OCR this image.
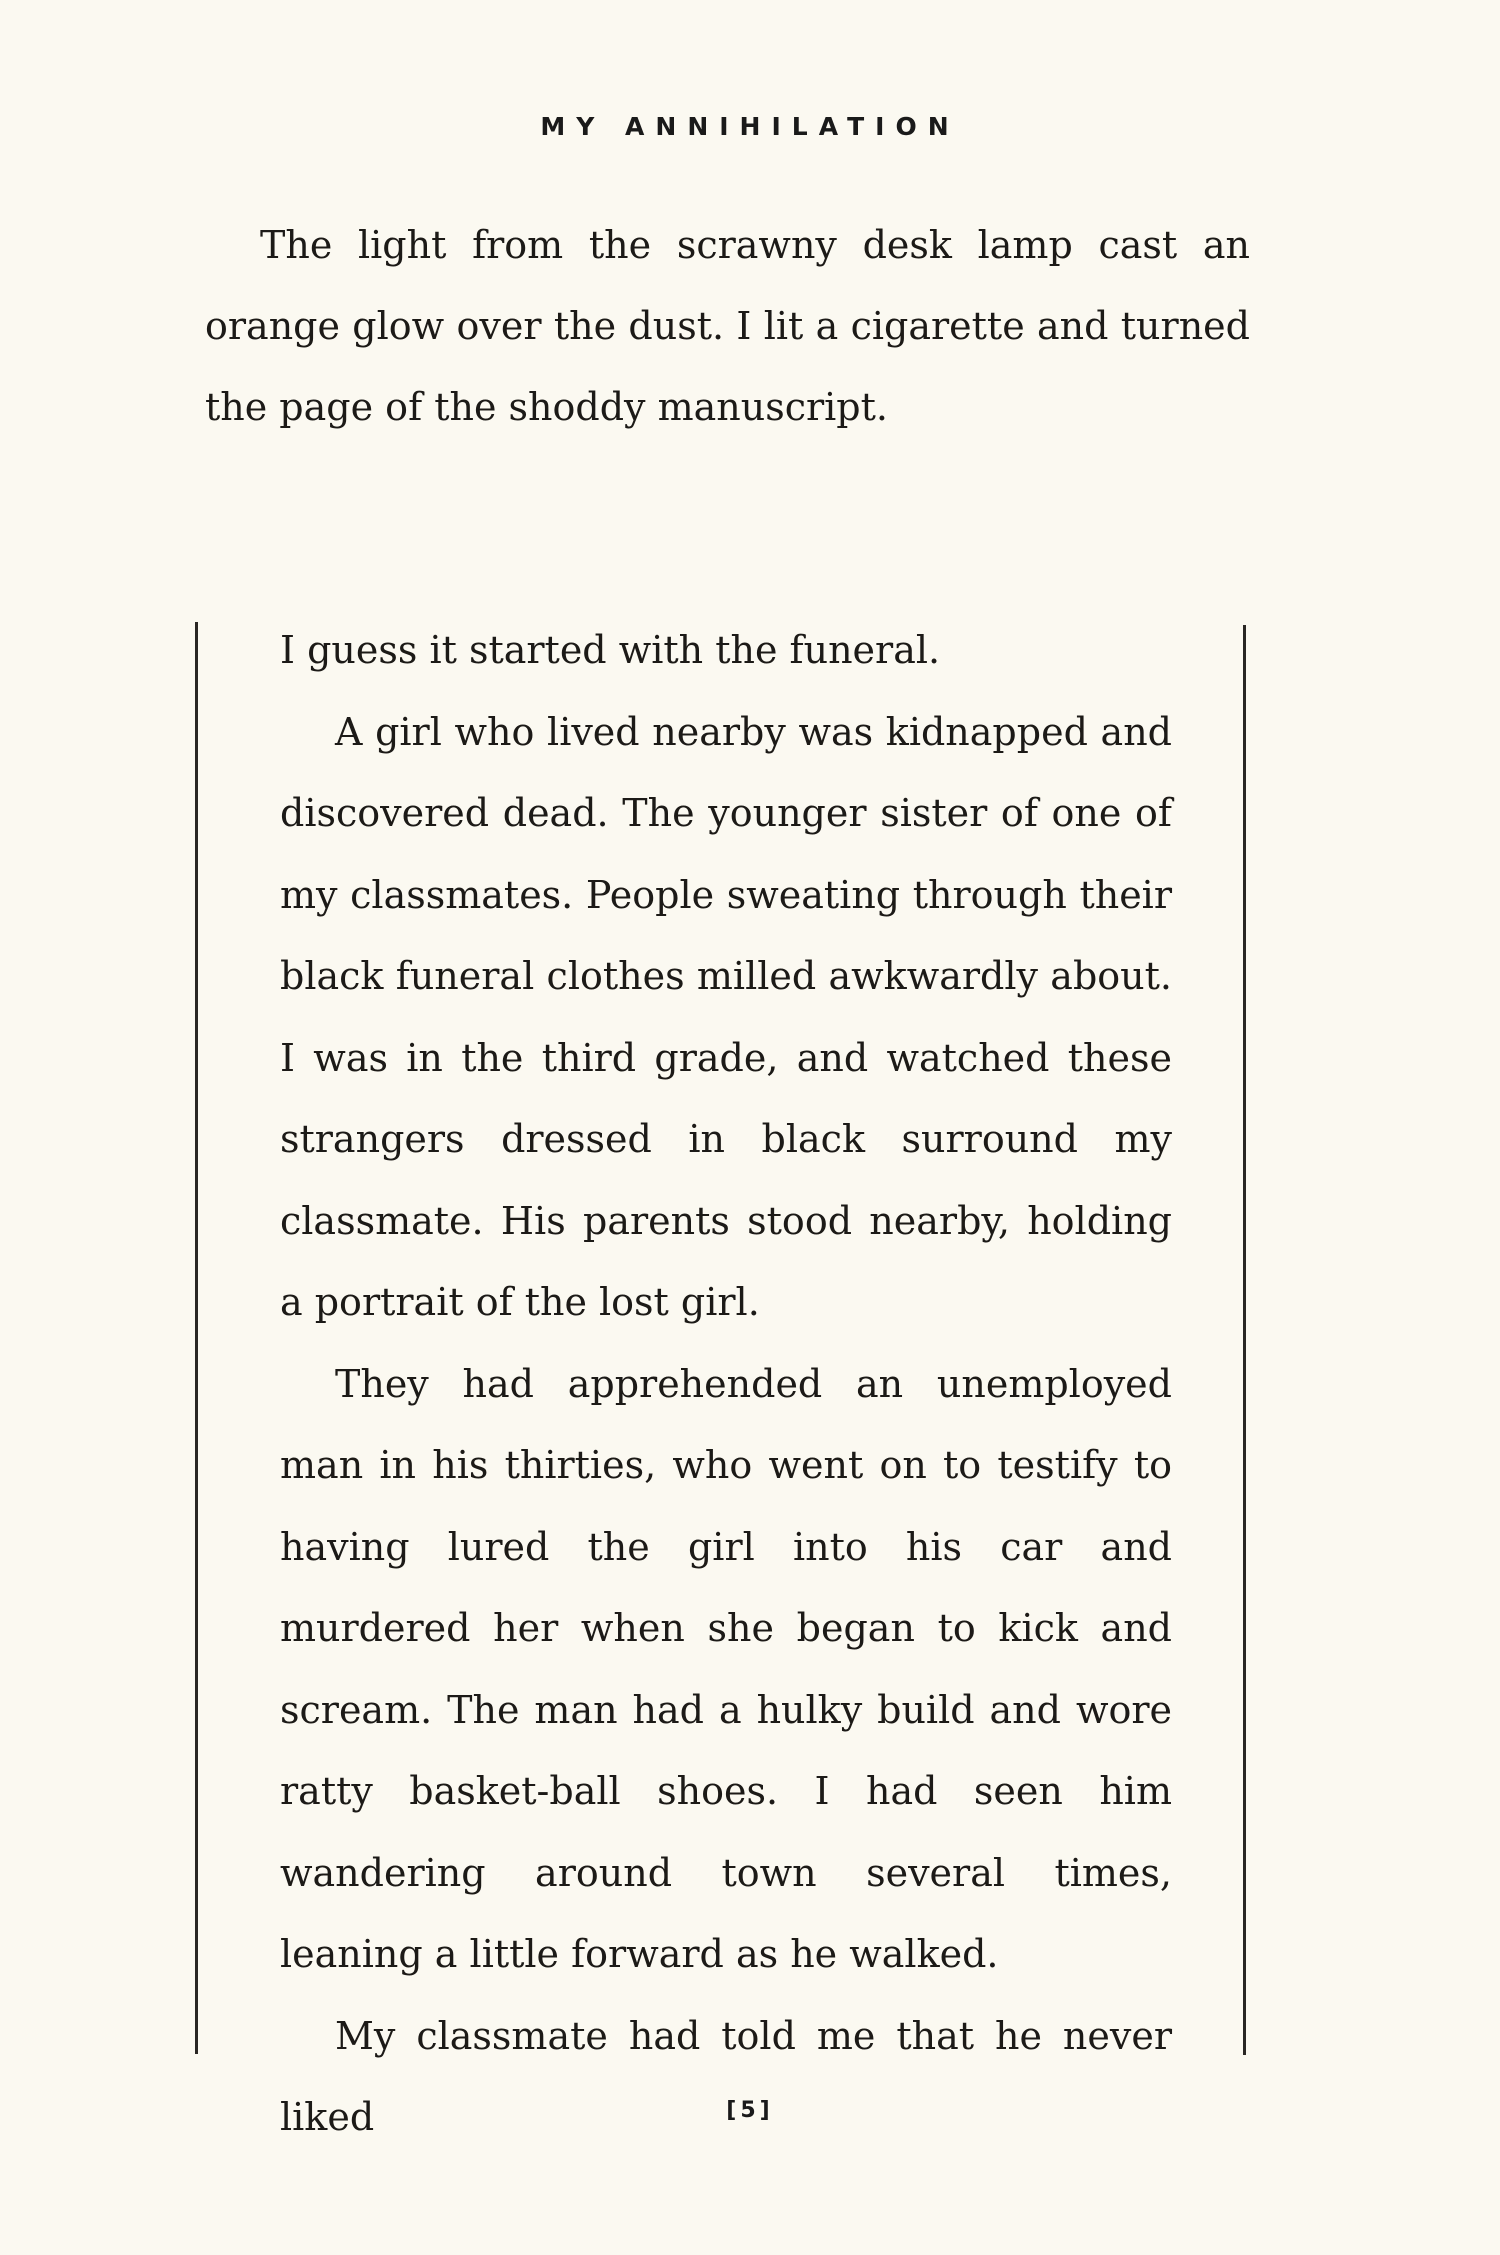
MY ANNIHILATION

The light from the scrawny desk lamp cast an orange glow over the dust. I lit a cigarette and turned the page of the shoddy manuscript.

I guess it started with the funeral.

A girl who lived nearby was kidnapped and discovered dead. The younger sister of one of my classmates. People sweating through their black funeral clothes milled awkwardly about. I was in the third grade, and watched these strangers dressed in black surround my classmate. His parents stood nearby, holding a portrait of the lost girl.

They had apprehended an unemployed man in his thirties, who went on to testify to having lured the girl into his car and murdered her when she began to kick and scream. The man had a hulky build and wore ratty basket-ball shoes. I had seen him wandering around town several times, leaning a little forward as he walked.

My classmate had told me that he never liked	[5]
